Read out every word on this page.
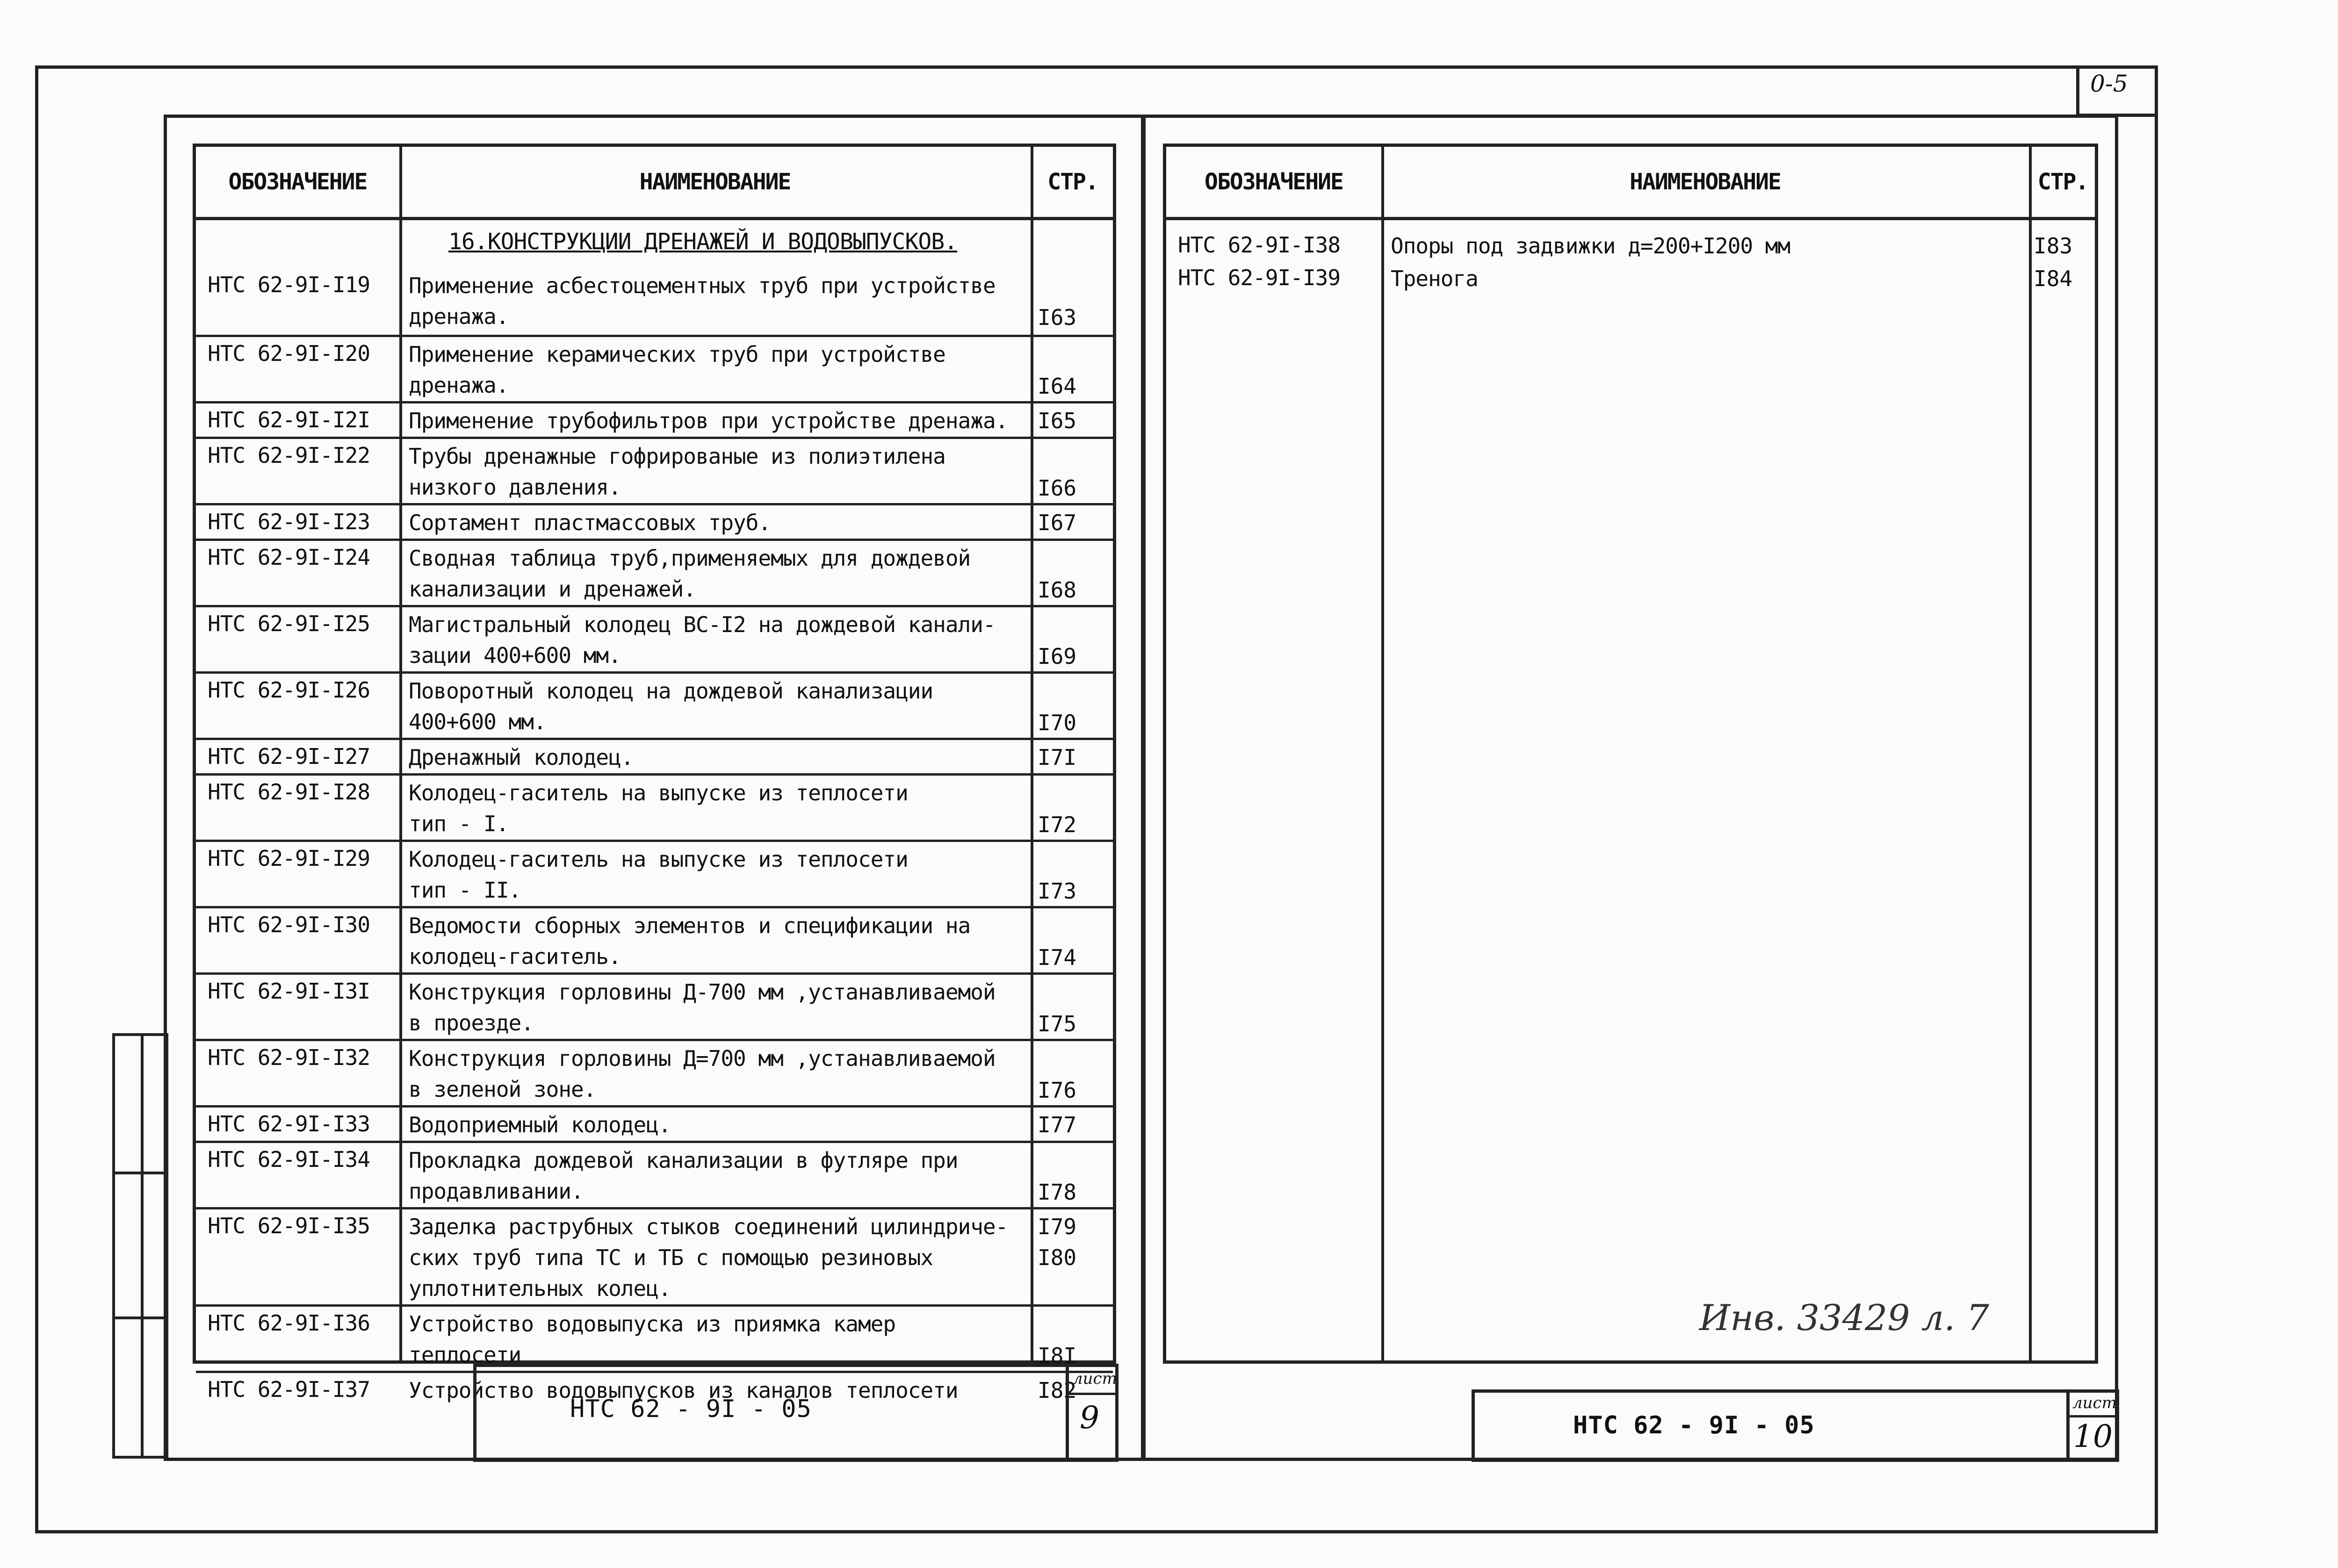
0-5
ОБОЗНАЧЕНИЕ	НАИМЕНОВАНИЕ	СТР.
16.КОНСТРУКЦИИ ДРЕНАЖЕЙ И ВОДОВЫПУСКОВ.
НТС 62-9I-I19 Применение асбестоцементных труб при устройстве
дренажа.	I63
НТС 62-9I-I20 Применение керамических труб при устройстве
дренажа.	I64
НТС 62-9I-I2I Применение трубофильтров при устройстве дренажа.	I65
НТС 62-9I-I22 Трубы дренажные гофрированые из полиэтилена
низкого давления.	I66
НТС 62-9I-I23 Сортамент пластмассовых труб.	I67
НТС 62-9I-I24 Сводная таблица труб,применяемых для дождевой
канализации и дренажей.	I68
НТС 62-9I-I25 Магистральный колодец ВС-I2 на дождевой канали-
зации 400+600 мм.	I69
НТС 62-9I-I26 Поворотный колодец на дождевой канализации
400+600 мм.	I70
НТС 62-9I-I27 Дренажный колодец.	I7I
НТС 62-9I-I28 Колодец-гаситель на выпуске из теплосети
тип - I.	I72
НТС 62-9I-I29 Колодец-гаситель на выпуске из теплосети
тип - II.	I73
НТС 62-9I-I30 Ведомости сборных элементов и спецификации на
колодец-гаситель.	I74
НТС 62-9I-I3I Конструкция горловины Д-700 мм ,устанавливаемой
в проезде.	I75
НТС 62-9I-I32 Конструкция горловины Д=700 мм ,устанавливаемой
в зеленой зоне.	I76
НТС 62-9I-I33 Водоприемный колодец.	I77
НТС 62-9I-I34 Прокладка дождевой канализации в футляре при
продавливании.	I78
НТС 62-9I-I35 Заделка раструбных стыков соединений цилиндриче-
ских труб типа ТС и ТБ с помощью резиновых
уплотнительных колец.
I79
I80
НТС 62-9I-I36 Устройство водовыпуска из приямка камер
теплосети	I8I
НТС 62-9I-I37 Устройство водовыпусков из каналов теплосети	I82
НТС 62 - 9I - 05
лист
9
ОБОЗНАЧЕНИЕ	НАИМЕНОВАНИЕ	СТР.
НТС 62-9I-I38 Опоры под задвижки д=200+I200 мм	I83
НТС 62-9I-I39 Тренога	I84
Инв. 33429 л. 7
НТС 62 - 9I - 05
лист
10
